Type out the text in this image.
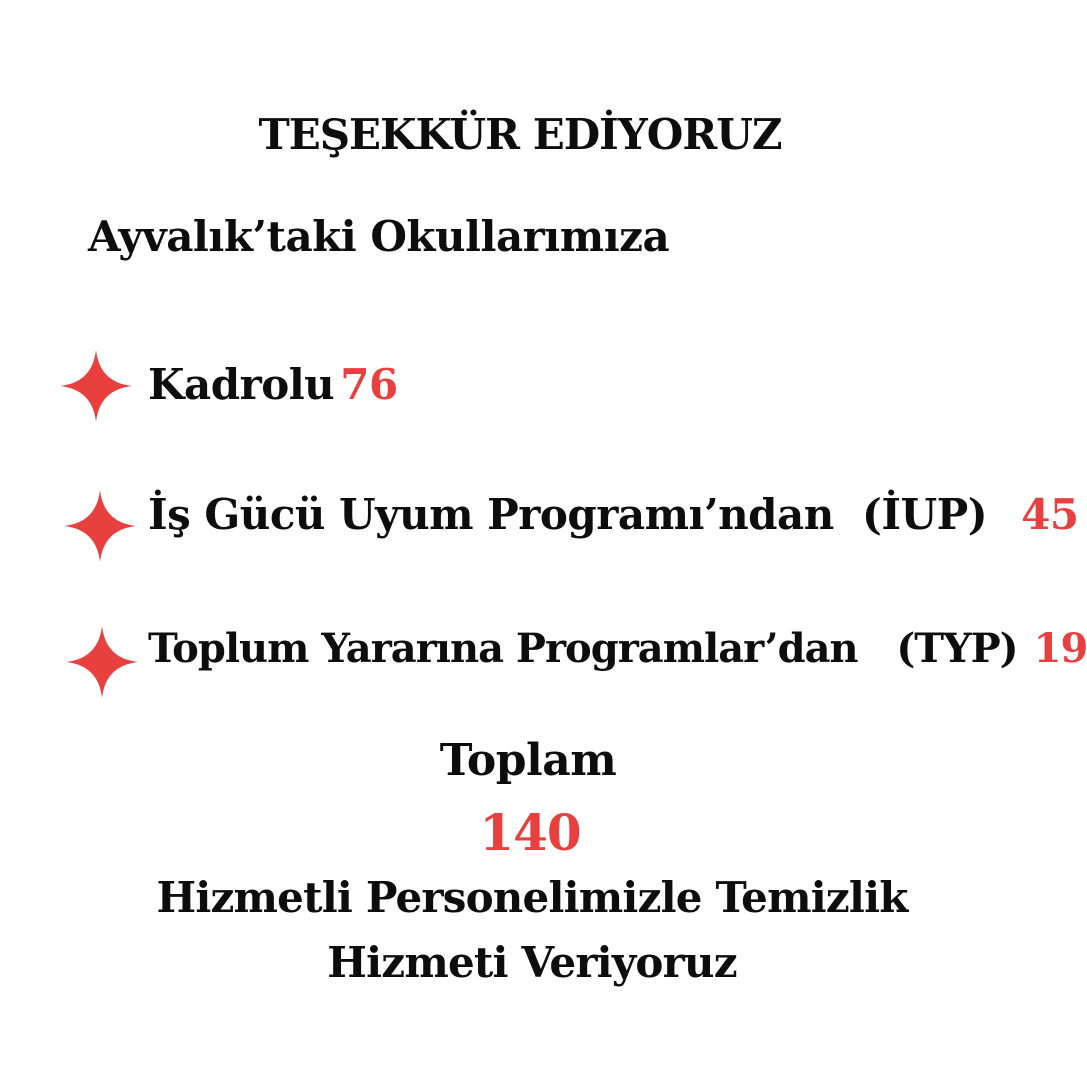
TEŞEKKÜR EDİYORUZ
Ayvalık’taki Okullarımıza
Kadrolu 76
İş Gücü Uyum Programı’ndan  (İUP) 45
Toplum Yararına Programlar’dan   (TYP) 19
Toplam
140
Hizmetli Personelimizle Temizlik
Hizmeti Veriyoruz
